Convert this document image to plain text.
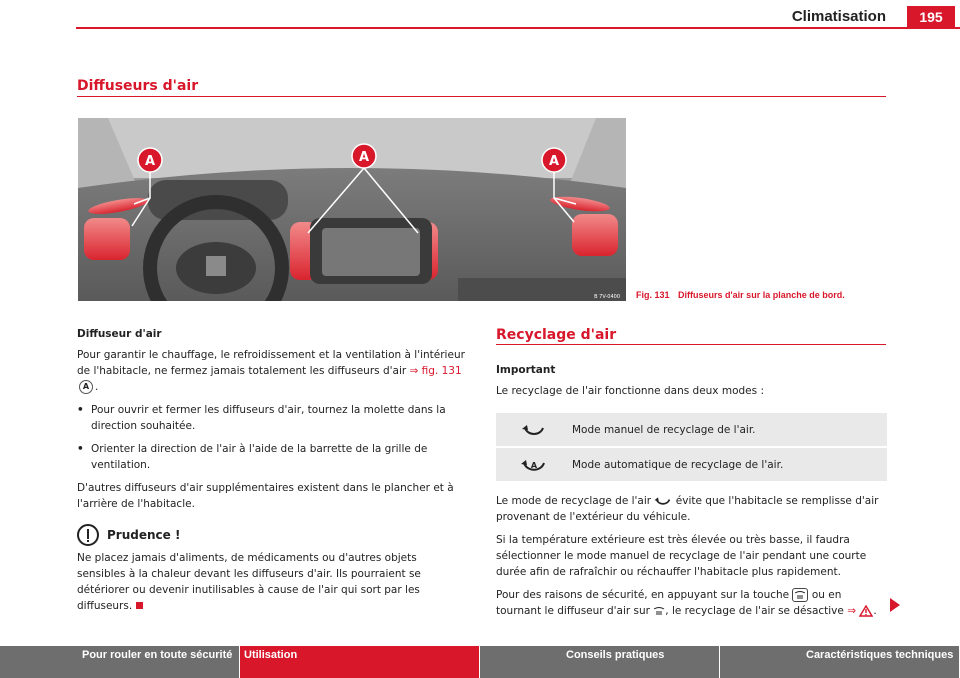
Climatisation	195
Diffuseurs d'air
A	A	A
B 7V-0400 Fig. 131 Diffuseurs d'air sur la planche de bord.
Diffuseur d'air

Pour garantir le chauffage, le refroidissement et la ventilation à l'intérieur de l'habitacle, ne fermez jamais totalement les diffuseurs d'air ⇒ fig. 131 A .

• Pour ouvrir et fermer les diffuseurs d'air, tournez la molette dans la direction souhaitée.

• Orienter la direction de l'air à l'aide de la barrette de la grille de ventilation.

D'autres diffuseurs d'air supplémentaires existent dans le plancher et à l'arrière de l'habitacle.

Prudence !

Ne placez jamais d'aliments, de médicaments ou d'autres objets sensibles à la chaleur devant les diffuseurs d'air. Ils pourraient se détériorer ou devenir inutilisables à cause de l'air qui sort par les diffuseurs.

Recyclage d'air
Important

Le recyclage de l'air fonctionne dans deux modes :

	Mode manuel de recyclage de l'air.

A	Mode automatique de recyclage de l'air.

Le mode de recyclage de l'air évite que l'habitacle se remplisse d'air provenant de l'extérieur du véhicule.

Si la température extérieure est très élevée ou très basse, il faudra sélectionner le mode manuel de recyclage de l'air pendant une courte durée afin de rafraîchir ou réchauffer l'habitacle plus rapidement.

Pour des raisons de sécurité, en appuyant sur la touche ou en tournant le diffuseur d'air sur , le recyclage de l'air se désactive ⇒ .

Pour rouler en toute sécurité	Utilisation	Conseils pratiques	Caractéristiques techniques
